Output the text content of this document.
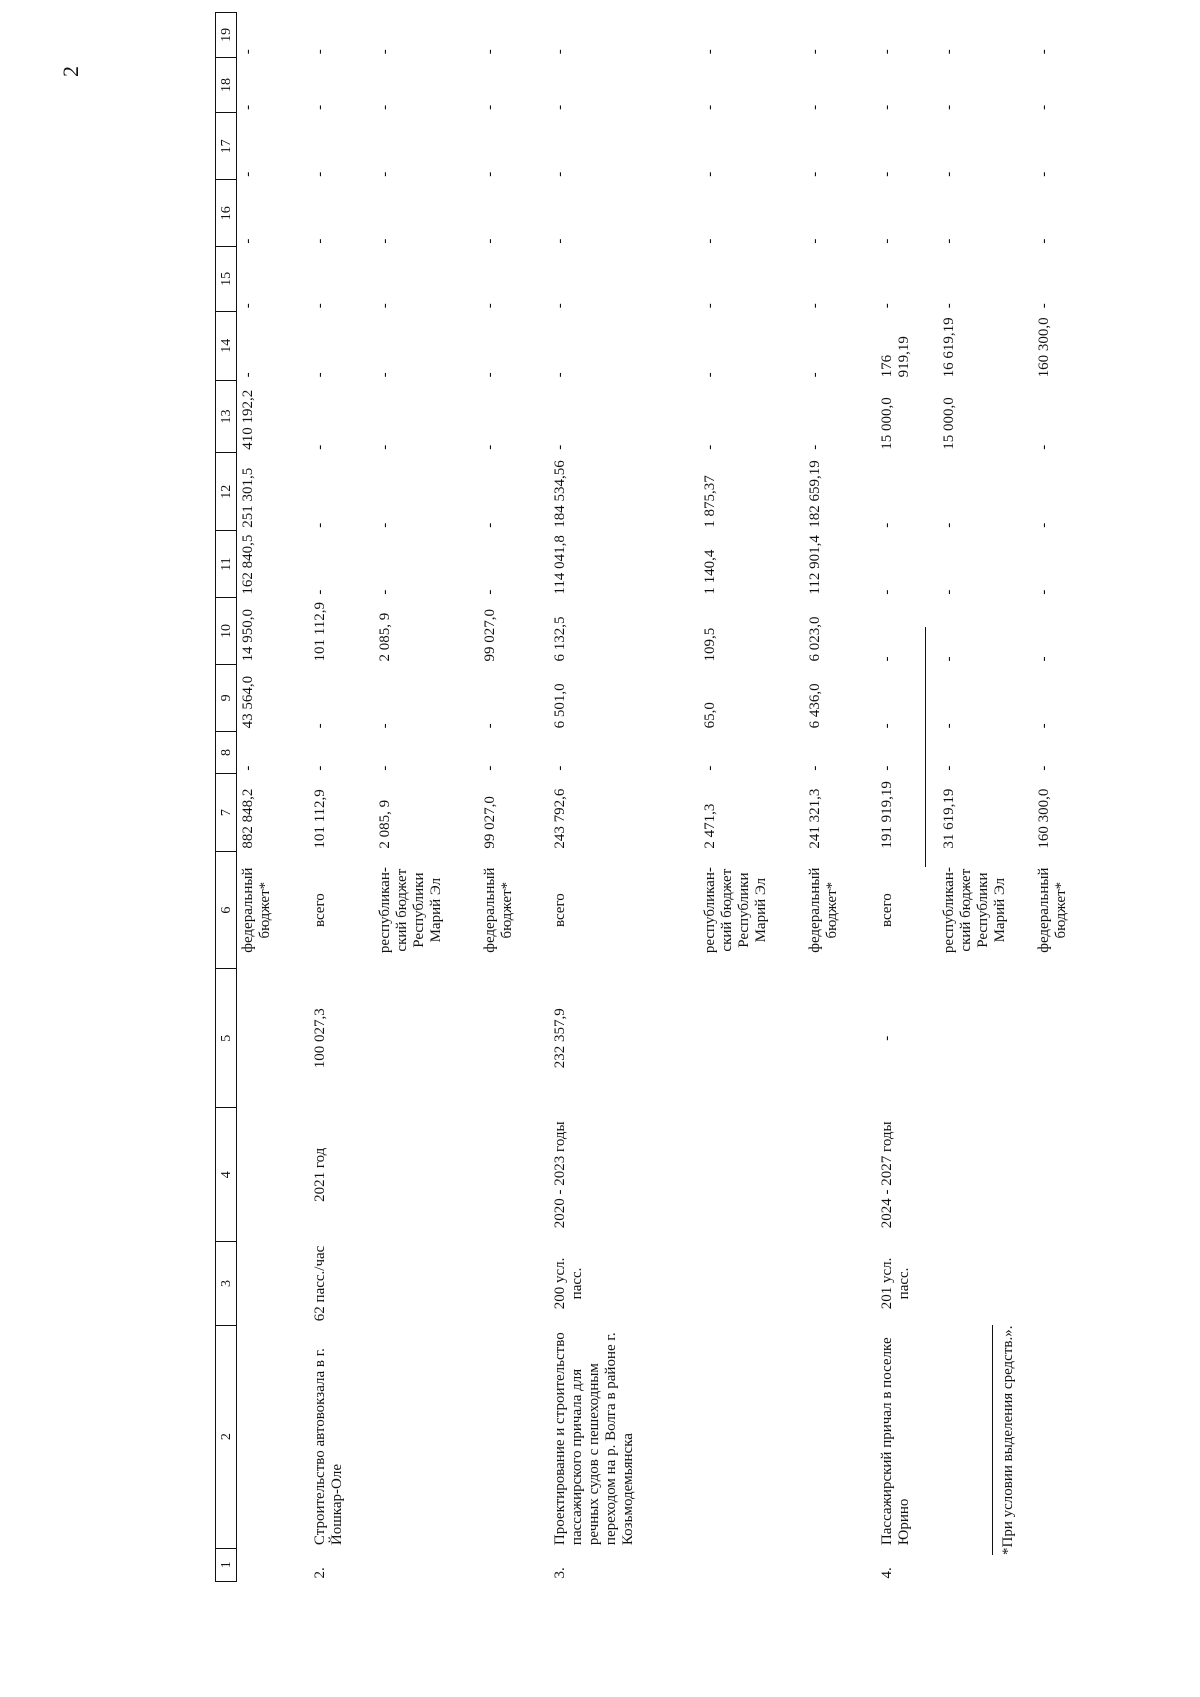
2
1	2	3	4	5	6	7	8	9	10	11	12	13	14	15	16	17	18	19
					федеральный бюджет*	882 848,2	-	43 564,0	14 950,0	162 840,5	251 301,5	410 192,2	-	-	-	-	-	-
2.	Строительство автовокзала в г. Йошкар-Оле	62 пасс./час	2021 год	100 027,3	всего	101 112,9	-	-	101 112,9	-	-	-	-	-	-	-	-	-
					республикан-ский бюджет Республики Марий Эл	2 085, 9	-	-	2 085, 9	-	-	-	-	-	-	-	-	-
					федеральный бюджет*	99 027,0	-	-	99 027,0	-	-	-	-	-	-	-	-	-
3.	Проектирование и строительство пассажирского причала для речных судов с пешеходным переходом на р. Волга в районе г. Козьмодемьянска	200 усл. пасс.	2020 - 2023 годы	232 357,9	всего	243 792,6	-	6 501,0	6 132,5	114 041,8	184 534,56	-	-	-	-	-	-	-
					республикан-ский бюджет Республики Марий Эл	2 471,3	-	65,0	109,5	1 140,4	1 875,37	-	-	-	-	-	-	-
					федеральный бюджет*	241 321,3	-	6 436,0	6 023,0	112 901,4	182 659,19	-	-	-	-	-	-	-
4.	Пассажирский причал в поселке Юрино	201 усл. пасс.	2024 - 2027 годы	-	всего	191 919,19	-	-	-	-	-	15 000,0	176 919,19	-	-	-	-	-
					республикан-ский бюджет Республики Марий Эл	31 619,19	-	-	-	-	-	15 000,0	16 619,19	-	-	-	-	-
					федеральный бюджет*	160 300,0	-	-	-	-	-	-	160 300,0	-	-	-	-	-
*При условии выделения средств.».
